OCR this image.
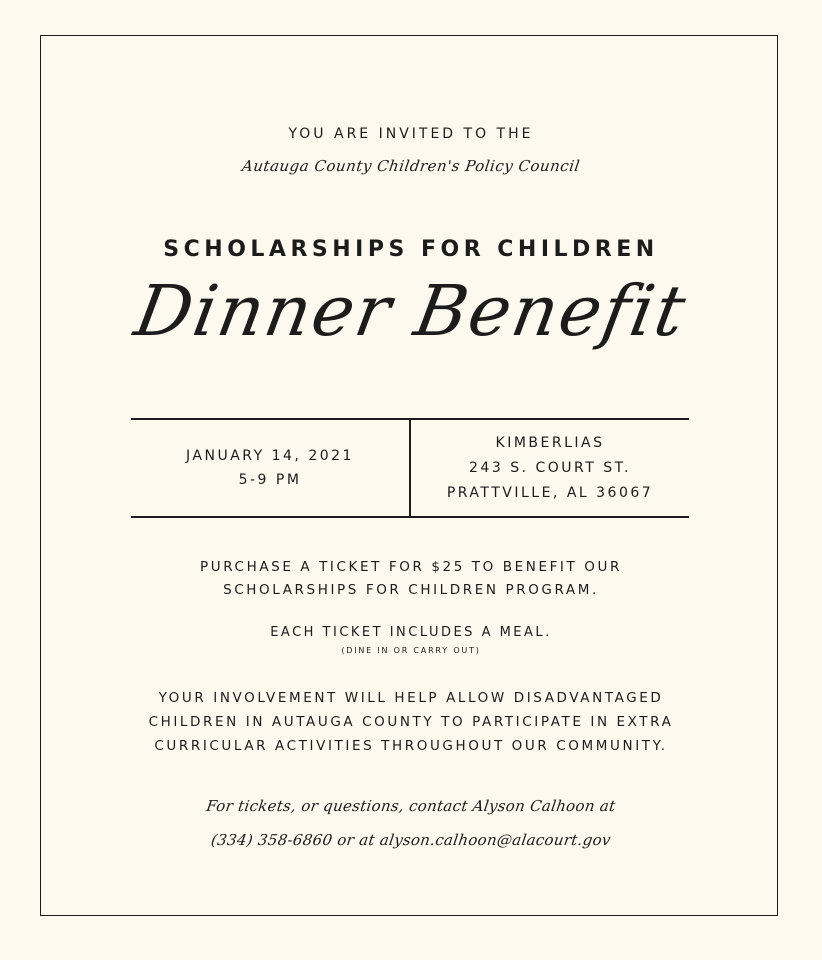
YOU ARE INVITED TO THE
Autauga County Children's Policy Council
SCHOLARSHIPS FOR CHILDREN
Dinner Benefit
JANUARY 14, 2021
5-9 PM
KIMBERLIAS
243 S. COURT ST.
PRATTVILLE, AL 36067
PURCHASE A TICKET FOR $25 TO BENEFIT OUR
SCHOLARSHIPS FOR CHILDREN PROGRAM.
EACH TICKET INCLUDES A MEAL.
(DINE IN OR CARRY OUT)
YOUR INVOLVEMENT WILL HELP ALLOW DISADVANTAGED
CHILDREN IN AUTAUGA COUNTY TO PARTICIPATE IN EXTRA
CURRICULAR ACTIVITIES THROUGHOUT OUR COMMUNITY.
For tickets, or questions, contact Alyson Calhoon at
(334) 358-6860 or at alyson.calhoon@alacourt.gov
